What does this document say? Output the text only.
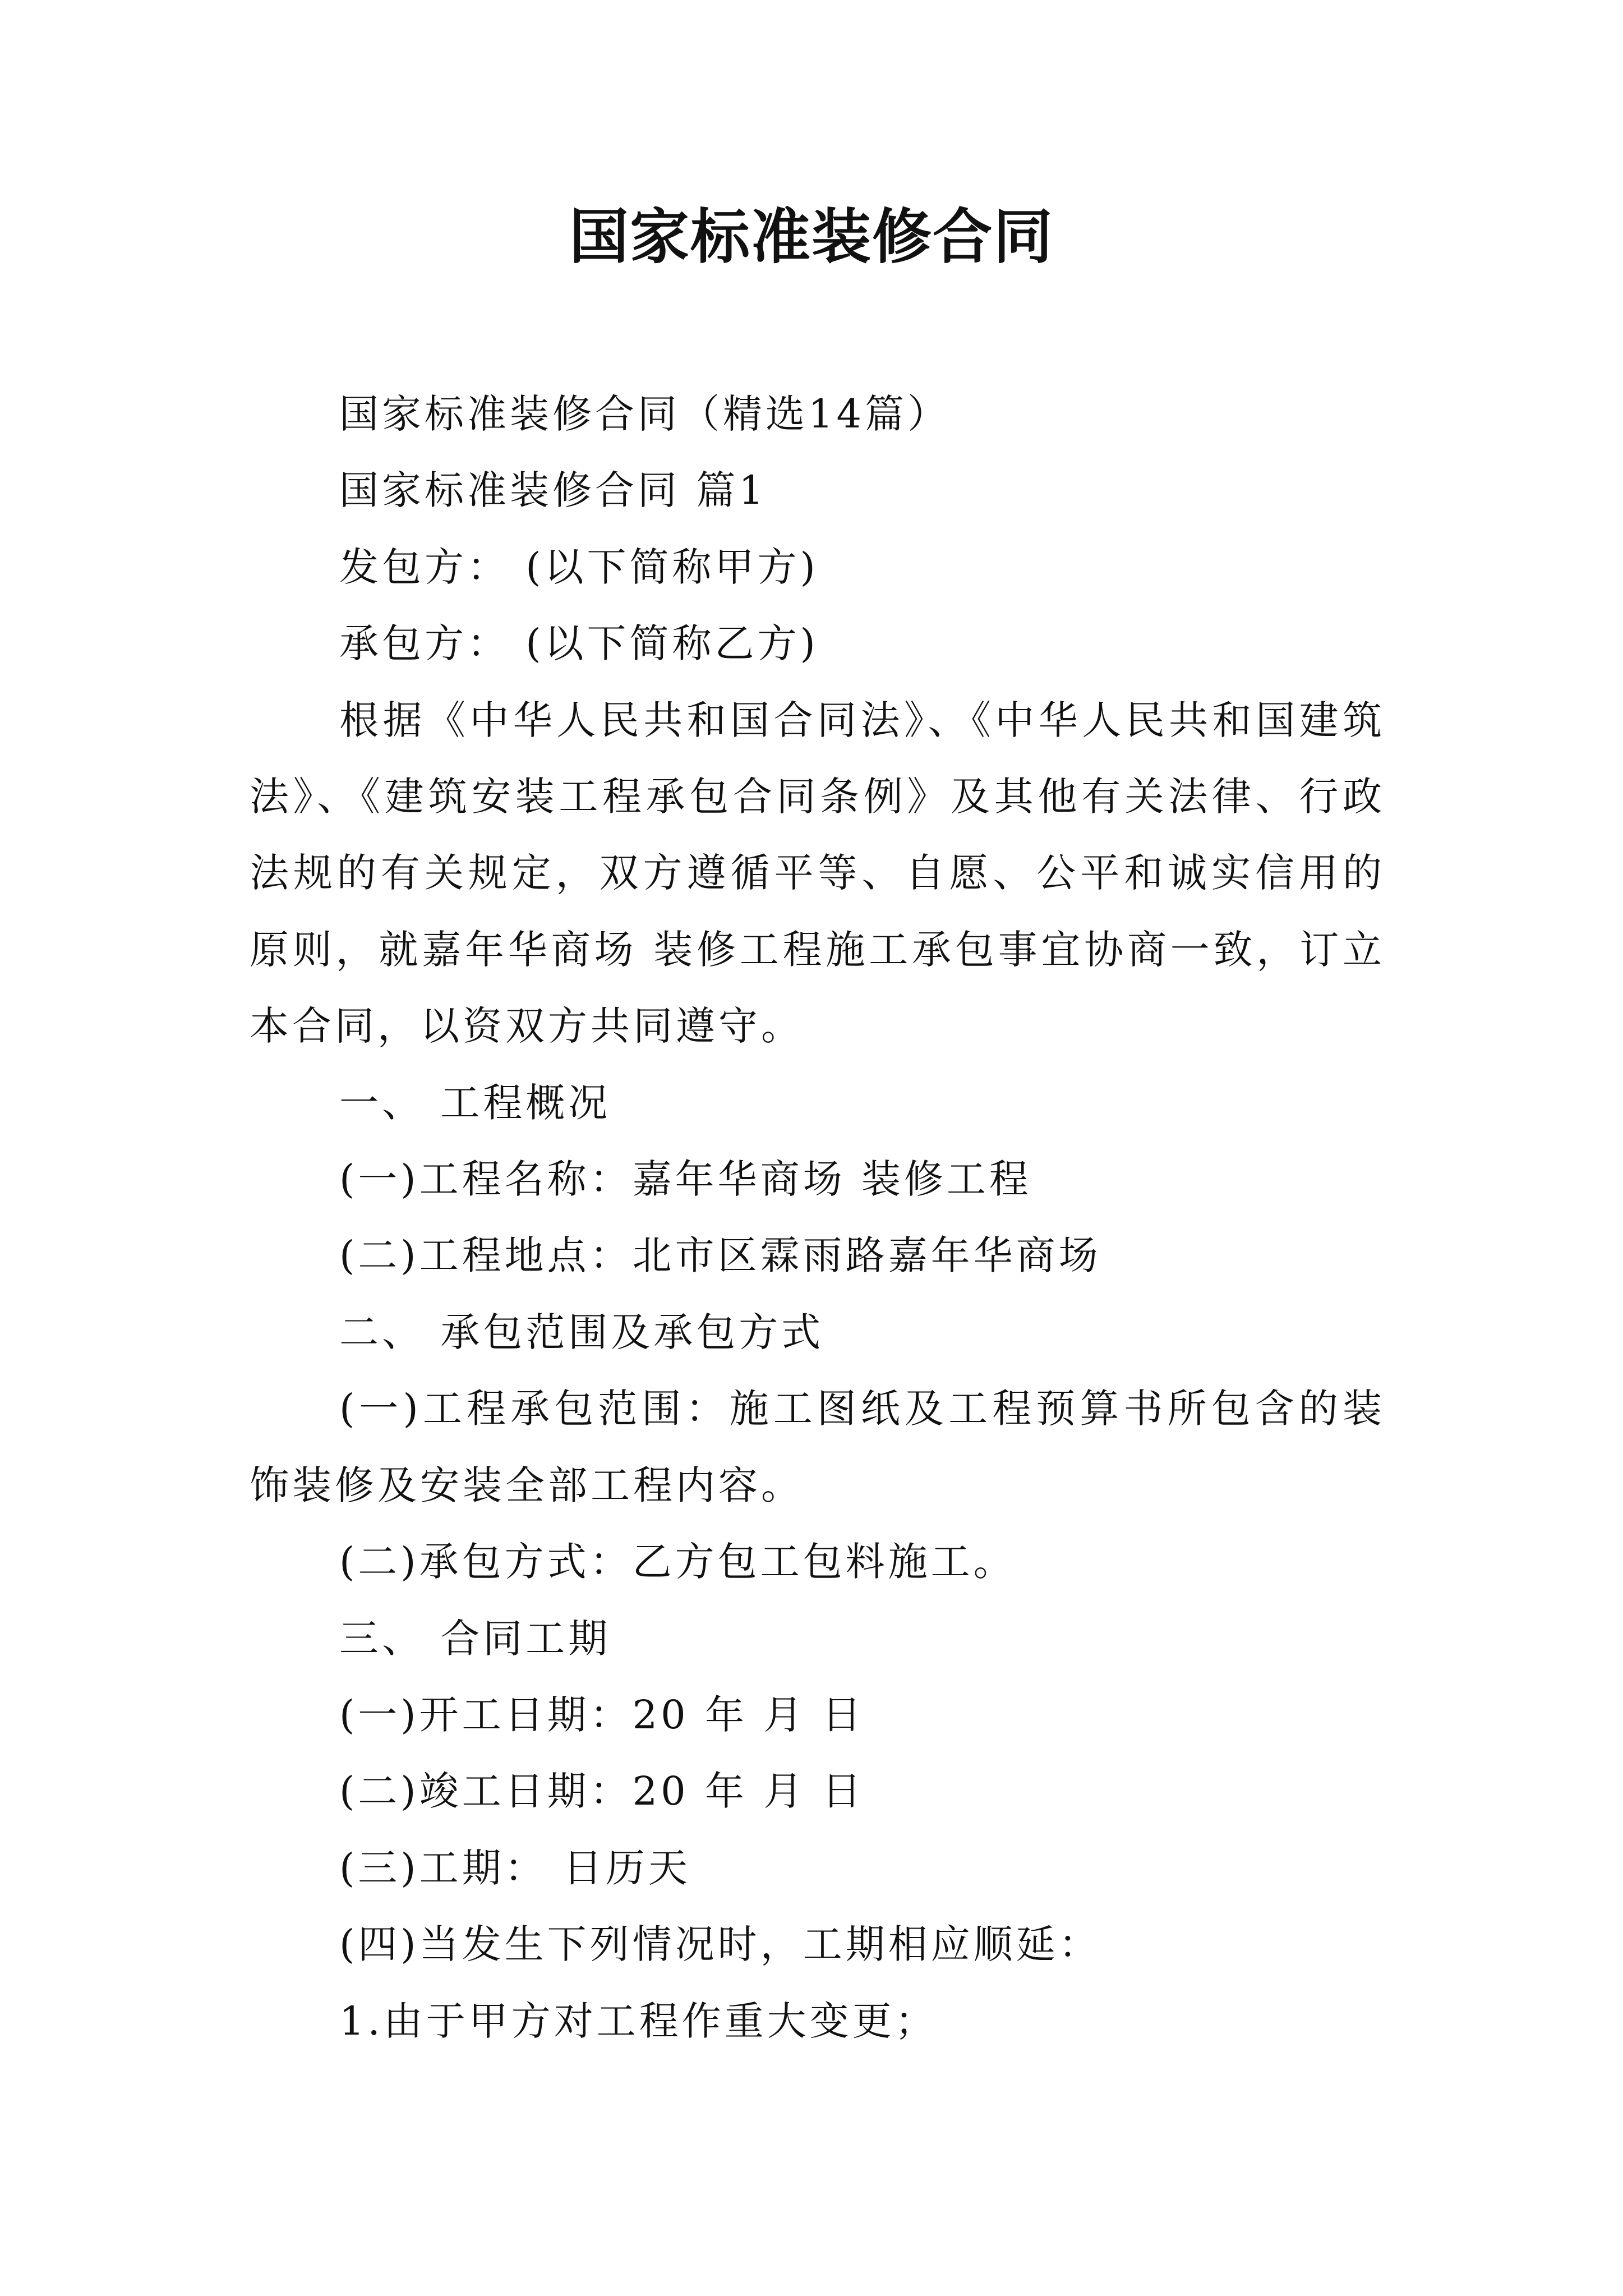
国家标准装修合同

国家标准装修合同（精选14篇）

国家标准装修合同 篇1

发包方： (以下简称甲方)

承包方： (以下简称乙方)

根据《中华人民共和国合同法》、《中华人民共和国建筑法》、《建筑安装工程承包合同条例》及其他有关法律、行政法规的有关规定，双方遵循平等、自愿、公平和诚实信用的原则，就嘉年华商场 装修工程施工承包事宜协商一致，订立本合同，以资双方共同遵守。

一、 工程概况

(一)工程名称：嘉年华商场 装修工程

(二)工程地点：北市区霖雨路嘉年华商场

二、 承包范围及承包方式

(一)工程承包范围：施工图纸及工程预算书所包含的装饰装修及安装全部工程内容。

(二)承包方式：乙方包工包料施工。

三、 合同工期

(一)开工日期：20 年 月 日

(二)竣工日期：20 年 月 日

(三)工期： 日历天

(四)当发生下列情况时，工期相应顺延：

1.由于甲方对工程作重大变更；
